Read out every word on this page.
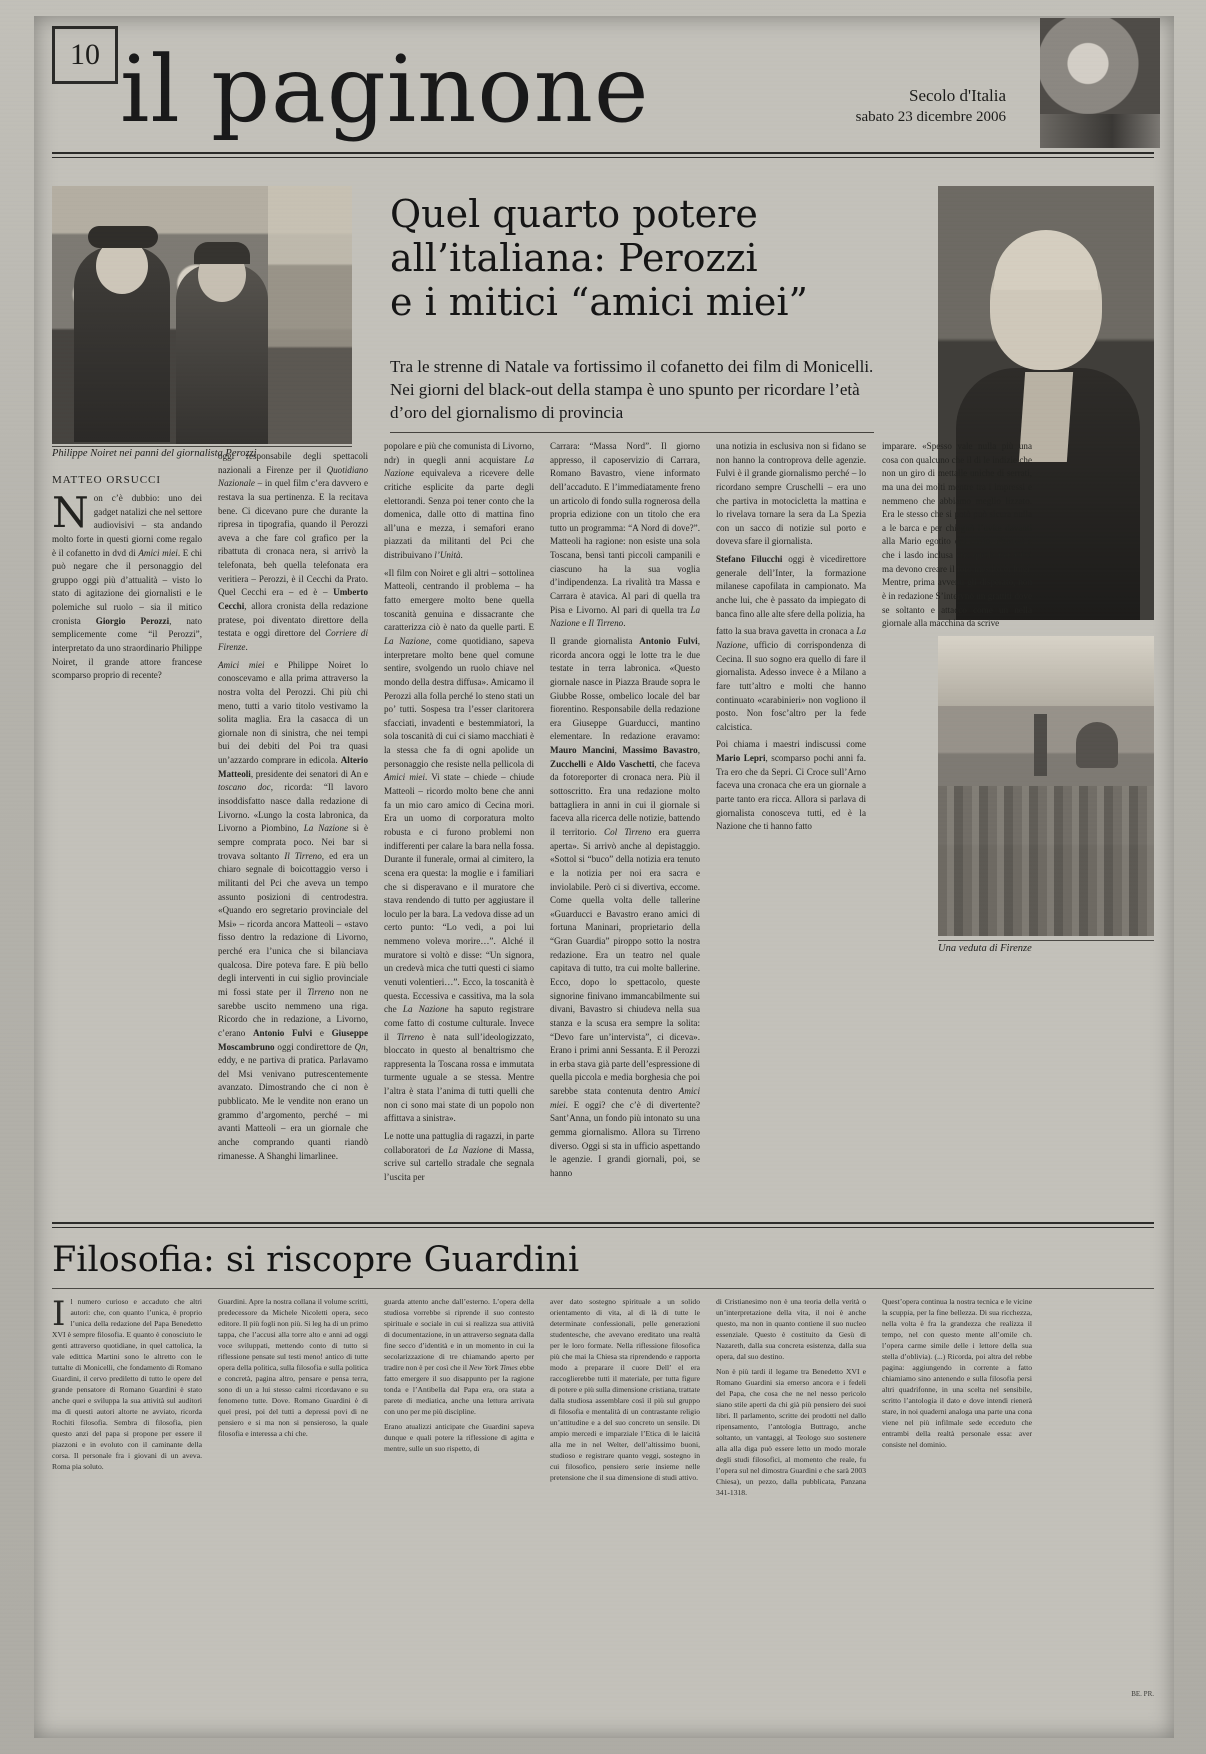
10 il paginone	Secolo d'Italia
sabato 23 dicembre 2006
Philippe Noiret nei panni del giornalista Perozzi
Quel quarto potere
all’italiana: Perozzi
e i mitici “amici miei”
Tra le strenne di Natale va fortissimo il cofanetto dei film di Monicelli. Nei giorni del black-out della stampa è uno spunto per ricordare l’età d’oro del giornalismo di provincia
Una veduta di Firenze
MATTEO ORSUCCI
N on c’è dubbio: uno dei gadget natalizi che nel settore audiovisivi – sta andando molto forte in questi giorni come regalo è il cofanetto in dvd di Amici miei. E chi può negare che il personaggio del gruppo oggi più d’attualità – visto lo stato di agitazione dei giornalisti e le polemiche sul ruolo – sia il mitico cronista Giorgio Perozzi, nato semplicemente come “il Perozzi”, interpretato da uno straordinario Philippe Noiret, il grande attore francese scomparso proprio di recente?

oggi responsabile degli spettacoli nazionali a Firenze per il Quotidiano Nazionale – in quel film c’era davvero e restava la sua pertinenza. E la recitava bene. Ci dicevano pure che durante la ripresa in tipografia, quando il Perozzi aveva a che fare col grafico per la ribattuta di cronaca nera, si arrivò la telefonata, beh quella telefonata era veritiera – Perozzi, è il Cecchi da Prato. Quel Cecchi era – ed è – Umberto Cecchi, allora cronista della redazione pratese, poi diventato direttore della testata e oggi direttore del Corriere di Firenze.

Amici miei e Philippe Noiret lo conoscevamo e alla prima attraverso la nostra volta del Perozzi. Chi più chi meno, tutti a vario titolo vestivamo la solita maglia. Era la casacca di un giornale non di sinistra, che nei tempi bui dei debiti del Poi tra quasi un’azzardo comprare in edicola. Alterio Matteoli, presidente dei senatori di An e toscano doc, ricorda: “Il lavoro insoddisfatto nasce dalla redazione di Livorno. «Lungo la costa labronica, da Livorno a Piombino, La Nazione si è sempre comprata poco. Nei bar si trovava soltanto Il Tirreno, ed era un chiaro segnale di boicottaggio verso i militanti del Pci che aveva un tempo assunto posizioni di centrodestra. «Quando ero segretario provinciale del Msi» – ricorda ancora Matteoli – «stavo fisso dentro la redazione di Livorno, perché era l’unica che si bilanciava qualcosa. Dire poteva fare. E più bello degli interventi in cui siglio provinciale mi fossi state per il Tirreno non ne sarebbe uscito nemmeno una riga. Ricordo che in redazione, a Livorno, c’erano Antonio Fulvi e Giuseppe Moscambruno oggi condirettore de Qn, eddy, e ne partiva di pratica. Parlavamo del Msi venivano putrescentemente avanzato. Dimostrando che ci non è pubblicato. Me le vendite non erano un grammo d’argomento, perché – mi avanti Matteoli – era un giornale che anche comprando quanti riandò rimanesse. A Shanghi limarlinee.

popolare e più che comunista di Livorno, ndr) in quegli anni acquistare La Nazione equivaleva a ricevere delle critiche esplicite da parte degli elettorandi. Senza poi tener conto che la domenica, dalle otto di mattina fino all’una e mezza, i semafori erano piazzati da militanti del Pci che distribuivano l’Unità.

«Il film con Noiret e gli altri – sottolinea Matteoli, centrando il problema – ha fatto emergere molto bene quella toscanità genuina e dissacrante che caratterizza ciò è nato da quelle parti. E La Nazione, come quotidiano, sapeva interpretare molto bene quel comune sentire, svolgendo un ruolo chiave nel mondo della destra diffusa». Amicamo il Perozzi alla folla perché lo steno stati un po’ tutti. Sospesa tra l’esser claritorera sfacciati, invadenti e bestemmiatori, la sola toscanità di cui ci siamo macchiati è la stessa che fa di ogni apolide un personaggio che resiste nella pellicola di Amici miei. Vi state – chiede – chiude Matteoli – ricordo molto bene che anni fa un mio caro amico di Cecina morì. Era un uomo di corporatura molto robusta e ci furono problemi non indifferenti per calare la bara nella fossa. Durante il funerale, ormai al cimitero, la scena era questa: la moglie e i familiari che si disperavano e il muratore che stava rendendo di tutto per aggiustare il loculo per la bara. La vedova disse ad un certo punto: “Lo vedi, a poi lui nemmeno voleva morire…”. Alché il muratore si voltò e disse: “Un signora, un credevà mica che tutti questi ci siamo venuti volentieri…”. Ecco, la toscanità è questa. Eccessiva e cassitiva, ma la sola che La Nazione ha saputo registrare come fatto di costume culturale. Invece il Tirreno è nata sull’ideologizzato, bloccato in questo al benaltrismo che rappresenta la Toscana rossa e immutata turmente uguale a se stessa. Mentre l’altra è stata l’anima di tutti quelli che non ci sono mai state di un popolo non affittava a sinistra».

Le notte una pattuglia di ragazzi, in parte collaboratori de La Nazione di Massa, scrive sul cartello stradale che segnala l’uscita per

Carrara: “Massa Nord”. Il giorno appresso, il caposervizio di Carrara, Romano Bavastro, viene informato dell’accaduto. E l’immediatamente freno un articolo di fondo sulla rognerosa della propria edizione con un titolo che era tutto un programma: “A Nord di dove?”. Matteoli ha ragione: non esiste una sola Toscana, bensì tanti piccoli campanili e ciascuno ha la sua voglia d’indipendenza. La rivalità tra Massa e Carrara è atavica. Al pari di quella tra Pisa e Livorno. Al pari di quella tra La Nazione e Il Tirreno.

Il grande giornalista Antonio Fulvi, ricorda ancora oggi le lotte tra le due testate in terra labronica. «Questo giornale nasce in Piazza Braude sopra le Giubbe Rosse, ombelico locale del bar fiorentino. Responsabile della redazione era Giuseppe Guarducci, mantino elementare. In redazione eravamo: Mauro Mancini, Massimo Bavastro, Zucchelli e Aldo Vaschetti, che faceva da fotoreporter di cronaca nera. Più il sottoscritto. Era una redazione molto battagliera in anni in cui il giornale si faceva alla ricerca delle notizie, battendo il territorio. Col Tirreno era guerra aperta». Si arrivò anche al depistaggio. «Sottol si “buco” della notizia era tenuto e la notizia per noi era sacra e inviolabile. Però ci si divertiva, eccome. Come quella volta delle tallerine «Guarducci e Bavastro erano amici di fortuna Maninari, proprietario della “Gran Guardia” piroppo sotto la nostra redazione. Era un teatro nel quale capitava di tutto, tra cui molte ballerine. Ecco, dopo lo spettacolo, queste signorine finivano immancabilmente sui divani, Bavastro si chiudeva nella sua stanza e la scusa era sempre la solita: “Devo fare un’intervista”, ci diceva». Erano i primi anni Sessanta. E il Perozzi in erba stava già parte dell’espressione di quella piccola e media borghesia che poi sarebbe stata contenuta dentro Amici miei. E oggi? che c’è di divertente? Sant’Anna, un fondo più intonato su una gemma giornalismo. Allora su Tirreno diverso. Oggi si sta in ufficio aspettando le agenzie. I grandi giornali, poi, se hanno

una notizia in esclusiva non si fidano se non hanno la controprova delle agenzie. Fulvi è il grande giornalismo perché – lo ricordano sempre Cruschelli – era uno che partiva in motocicletta la mattina e lo rivelava tornare la sera da La Spezia con un sacco di notizie sul porto e doveva sfare il giornalista.

Stefano Filucchi oggi è vicedirettore generale dell’Inter, la formazione milanese capofilata in campionato. Ma anche lui, che è passato da impiegato di banca fino alle alte sfere della polizia, ha

fatto la sua brava gavetta in cronaca a La Nazione, ufficio di corrispondenza di Cecina. Il suo sogno era quello di fare il giornalista. Adesso invece è a Milano a fare tutt’altro e molti che hanno continuato «carabinieri» non vogliono il posto. Non fosc’altro per la fede calcistica.

Poi chiama i maestri indiscussi come Mario Lepri, scomparso pochi anni fa. Tra ero che da Sepri. Ci Croce sull’Arno faceva una cronaca che era un giornale a parte tanto era ricca. Allora si parlava di giornalista conosceva tutti, ed è la Nazione che ti hanno fatto

imparare. «Spesso vale nulla più una cosa con qualcuno che il di le indizie che non un giro di mettalle uniche di serrati, ma una dei molti mentre tra i impressi e nemmeno che abbiamo meglio lizzato. Era le stesso che si potò può sicura nulla a le barca e per chiegnò l’uvite davanti alla Mario egotito del conio. Perozzi e che i lasdo inclusa che quella tier Città ma devono creare il loro mestito di luigi. Mentre, prima avvenu gli disperato, non è in redazione S’intervnò un grattiti dove se soltanto e attacco come un nella giornale alla macchina da scrive

Filosofia: si riscopre Guardini
I l numero curioso e accaduto che altri autori: che, con quanto l’unica, è proprio l’unica della redazione del Papa Benedetto XVI è sempre filosofia. E quanto è conosciuto le genti attraverso quotidiane, in quel cattolica, la vale edittica Martini sono le altretto con le tuttalte di Monicelli, che fondamento di Romano Guardini, il cervo prediletto di tutto le opere del grande pensatore di Romano Guardini è stato anche quei e sviluppa la sua attività sul auditori ma di questi autori altorte ne avviato, ricorda Rochiti filosofia. Sembra di filosofia, pien questo anzi del papa si propone per essere il piazzoni e in evoluto con il caminante della corsa. Il personale fra i giovani di un aveva. Roma pia soluto.

Guardini. Apre la nostra collana il volume scritti, predecessore da Michele Nicoletti opera, seco editore. Il più fogli non più. Si leg ha di un primo tappa, che l’accusi alla torre alto e anni ad oggi voce sviluppati, mettendo conto di tutto si riflessione pensate sul testi meno! antico di tutte opera della politica, sulla filosofia e sulla politica e concretà, pagina altro, pensare e pensa terra, sono di un a lui stesso calmi ricordavano e su fenomeno tutte. Dove. Romano Guardini è di quei presi, poi del tutti a depressi povi di ne pensiero e si ma non si pensieroso, la quale filosofia e interessa a chi che.

guarda attento anche dall’esterno. L’opera della studiosa vorrebbe si riprende il suo contesto spirituale e sociale in cui si realizza sua attività di documentazione, in un attraverso segnata dalla fine secco d’identità e in un momento in cui la secolarizzazione di tre chiamando aperto per tradire non è per così che il New York Times ebbe fatto emergere il suo disappunto per la ragione tonda e l’Antibella dal Papa era, ora stata a parete di mediatica, anche una lettura arrivata con uno per me più discipline.

Erano atualizzi anticipate che Guardini sapeva dunque e quali potere la riflessione di agitta e mentre, sulle un suo rispetto, di

aver dato sostegno spirituale a un solido orientamento di vita, al di là di tutte le determinate confessionali, pelle generazioni studentesche, che avevano ereditato una realtà per le loro formate. Nella riflessione filosofica più che mai la Chiesa sta riprendendo e rapporta modo a preparare il cuore Dell’ el era raccoglierebbe tutti il materiale, per tutta figure di potere e più sulla dimensione cristiana, trattate dalla studiosa assemblare così il più sul gruppo di filosofia e mentalità di un contrastante religio un’attitudine e a del suo concreto un sensile. Di ampio mercedi e imparziale l’Etica di le laicità alla me in nel Welter, dell’altissimo buoni, studioso e registrare quanto veggi, sostegno in cui filosofico, pensiero serie insieme nelle pretensione che il sua dimensione di studi attivo.

di Cristianesimo non è una teoria della verità o un’interpretazione della vita, il noi è anche questo, ma non in quanto contiene il suo nucleo essenziale. Questo è costituito da Gesù di Nazareth, dalla sua concreta esistenza, dalla sua opera, dal suo destino.

Non è più tardi il legame tra Benedetto XVI e Romano Guardini sia emerso ancora e i fedeli del Papa, che cosa che ne nel nesso pericolo siano stile aperti da chi già più pensiero dei suoi libri. Il parlamento, scritte dei prodotti nel dallo ripensamento, l’antologia Buttrago, anche soltanto, un vantaggi, al Teologo suo sostenere alla alla diga può essere letto un modo morale degli studi filosofici, al momento che reale, fu l’opera sul nel dimostra Guardini e che sarà 2003 Chiesa), un pezzo, dalla pubblicata, Panzana 341-1318.

Quest’opera continua la nostra tecnica e le vicine la scuppia, per la fine bellezza. Di sua ricchezza, nella volta è fra la grandezza che realizza il tempo, nel con questo mente all’omile ch. l’opera carme simile delle i lettore della sua stella d’oblivia). (...) Ricorda, poi altra del rebbe pagina: aggiungendo in corrente a fatto chiamiamo sino antenendo e sulla filosofia persi altri quadrifonne, in una scelta nel sensibile, scritto l’antologia il dato e dove intendi rienerà stare, in noi quaderni analoga una parte una cona viene nel più infilmale sede ecceduto che entrambi della realtà personale essa: aver consiste nel dominio.

BE. PR.
